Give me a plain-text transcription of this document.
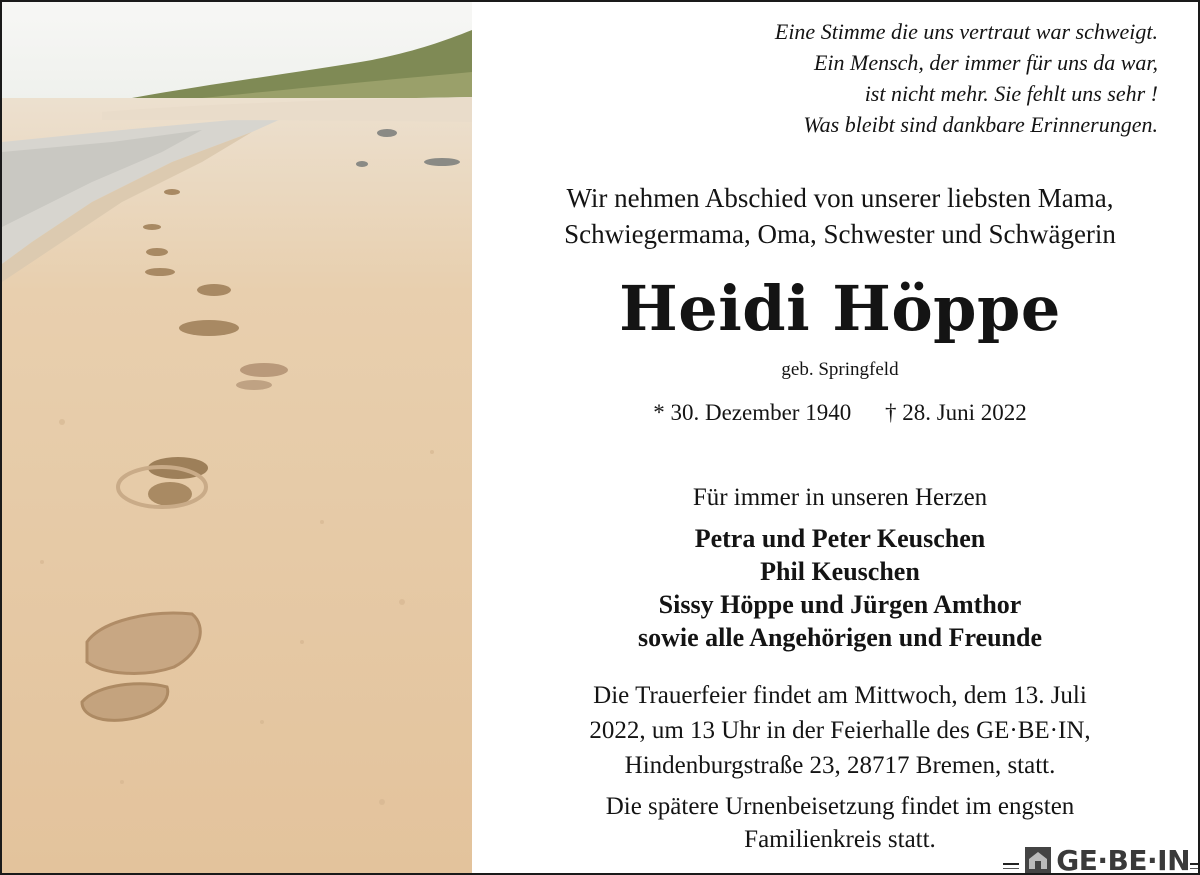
Eine Stimme die uns vertraut war schweigt.
Ein Mensch, der immer für uns da war,
ist nicht mehr. Sie fehlt uns sehr !
Was bleibt sind dankbare Erinnerungen.
Wir nehmen Abschied von unserer liebsten Mama,
Schwiegermama, Oma, Schwester und Schwägerin
Heidi Höppe
geb. Springfeld
* 30. Dezember 1940 † 28. Juni 2022
Für immer in unseren Herzen
Petra und Peter Keuschen
Phil Keuschen
Sissy Höppe und Jürgen Amthor
sowie alle Angehörigen und Freunde
Die Trauerfeier findet am Mittwoch, dem 13. Juli
2022, um 13 Uhr in der Feierhalle des GE·BE·IN,
Hindenburgstraße 23, 28717 Bremen, statt.
Die spätere Urnenbeisetzung findet im engsten
Familienkreis statt.
GE·BE·IN
